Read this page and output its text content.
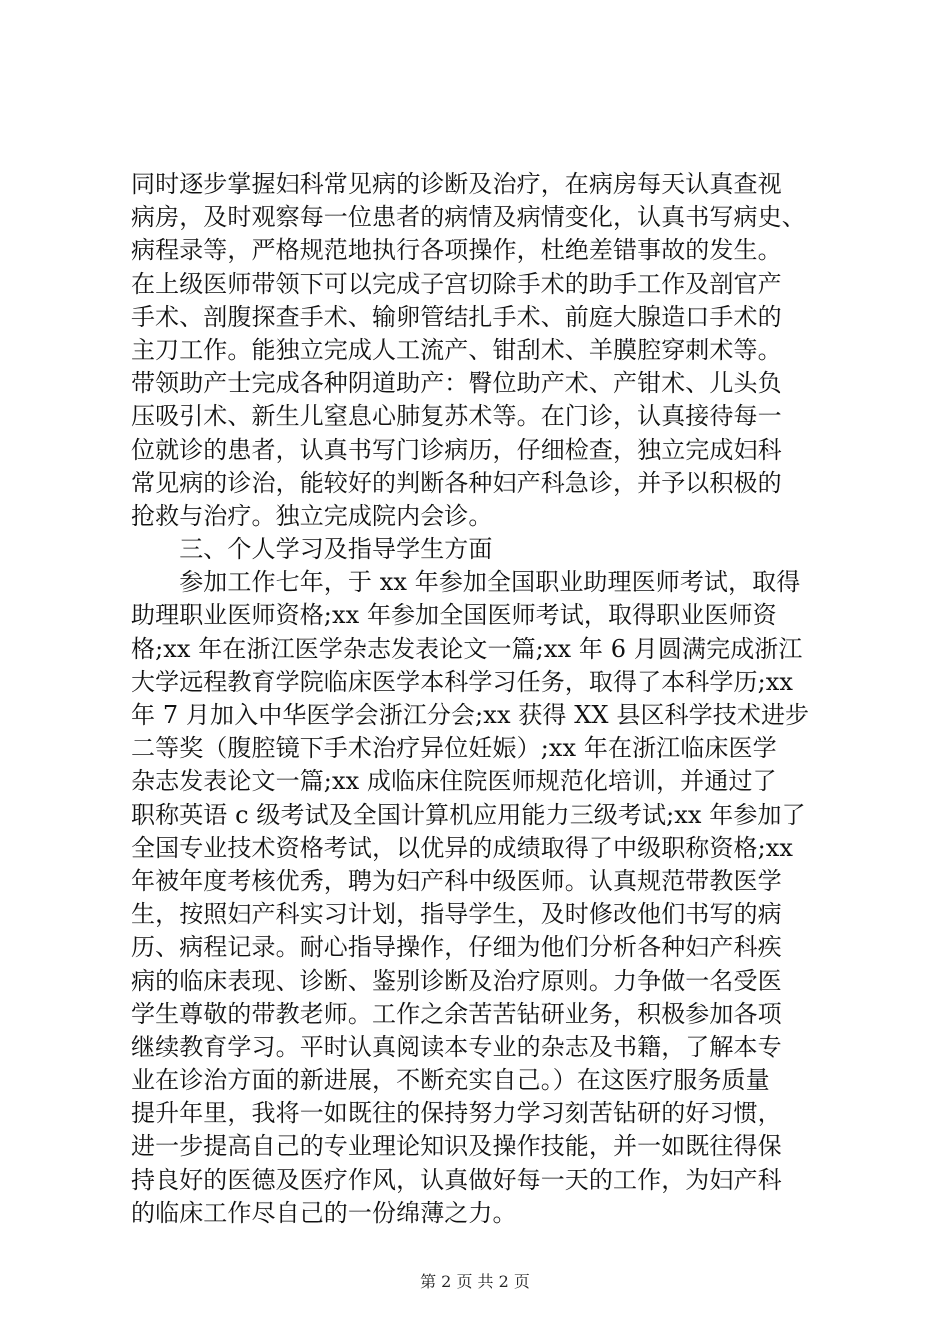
同时逐步掌握妇科常见病的诊断及治疗，在病房每天认真查视
病房，及时观察每一位患者的病情及病情变化，认真书写病史、
病程录等，严格规范地执行各项操作，杜绝差错事故的发生。
在上级医师带领下可以完成子宫切除手术的助手工作及剖官产
手术、剖腹探查手术、输卵管结扎手术、前庭大腺造口手术的
主刀工作。能独立完成人工流产、钳刮术、羊膜腔穿刺术等。
带领助产士完成各种阴道助产：臀位助产术、产钳术、儿头负
压吸引术、新生儿窒息心肺复苏术等。在门诊，认真接待每一
位就诊的患者，认真书写门诊病历，仔细检查，独立完成妇科
常见病的诊治，能较好的判断各种妇产科急诊，并予以积极的
抢救与治疗。独立完成院内会诊。
　　三、个人学习及指导学生方面
　　参加工作七年，于 xx 年参加全国职业助理医师考试，取得
助理职业医师资格;xx 年参加全国医师考试，取得职业医师资
格;xx 年在浙江医学杂志发表论文一篇;xx 年 6 月圆满完成浙江
大学远程教育学院临床医学本科学习任务，取得了本科学历;xx
年 7 月加入中华医学会浙江分会;xx 获得 XX 县区科学技术进步
二等奖（腹腔镜下手术治疗异位妊娠）;xx 年在浙江临床医学
杂志发表论文一篇;xx 成临床住院医师规范化培训，并通过了
职称英语 c 级考试及全国计算机应用能力三级考试;xx 年参加了
全国专业技术资格考试，以优异的成绩取得了中级职称资格;xx
年被年度考核优秀，聘为妇产科中级医师。认真规范带教医学
生，按照妇产科实习计划，指导学生，及时修改他们书写的病
历、病程记录。耐心指导操作，仔细为他们分析各种妇产科疾
病的临床表现、诊断、鉴别诊断及治疗原则。力争做一名受医
学生尊敬的带教老师。工作之余苦苦钻研业务，积极参加各项
继续教育学习。平时认真阅读本专业的杂志及书籍，了解本专
业在诊治方面的新进展，不断充实自己。）在这医疗服务质量
提升年里，我将一如既往的保持努力学习刻苦钻研的好习惯，
进一步提高自己的专业理论知识及操作技能，并一如既往得保
持良好的医德及医疗作风，认真做好每一天的工作，为妇产科
的临床工作尽自己的一份绵薄之力。
第 2 页 共 2 页
